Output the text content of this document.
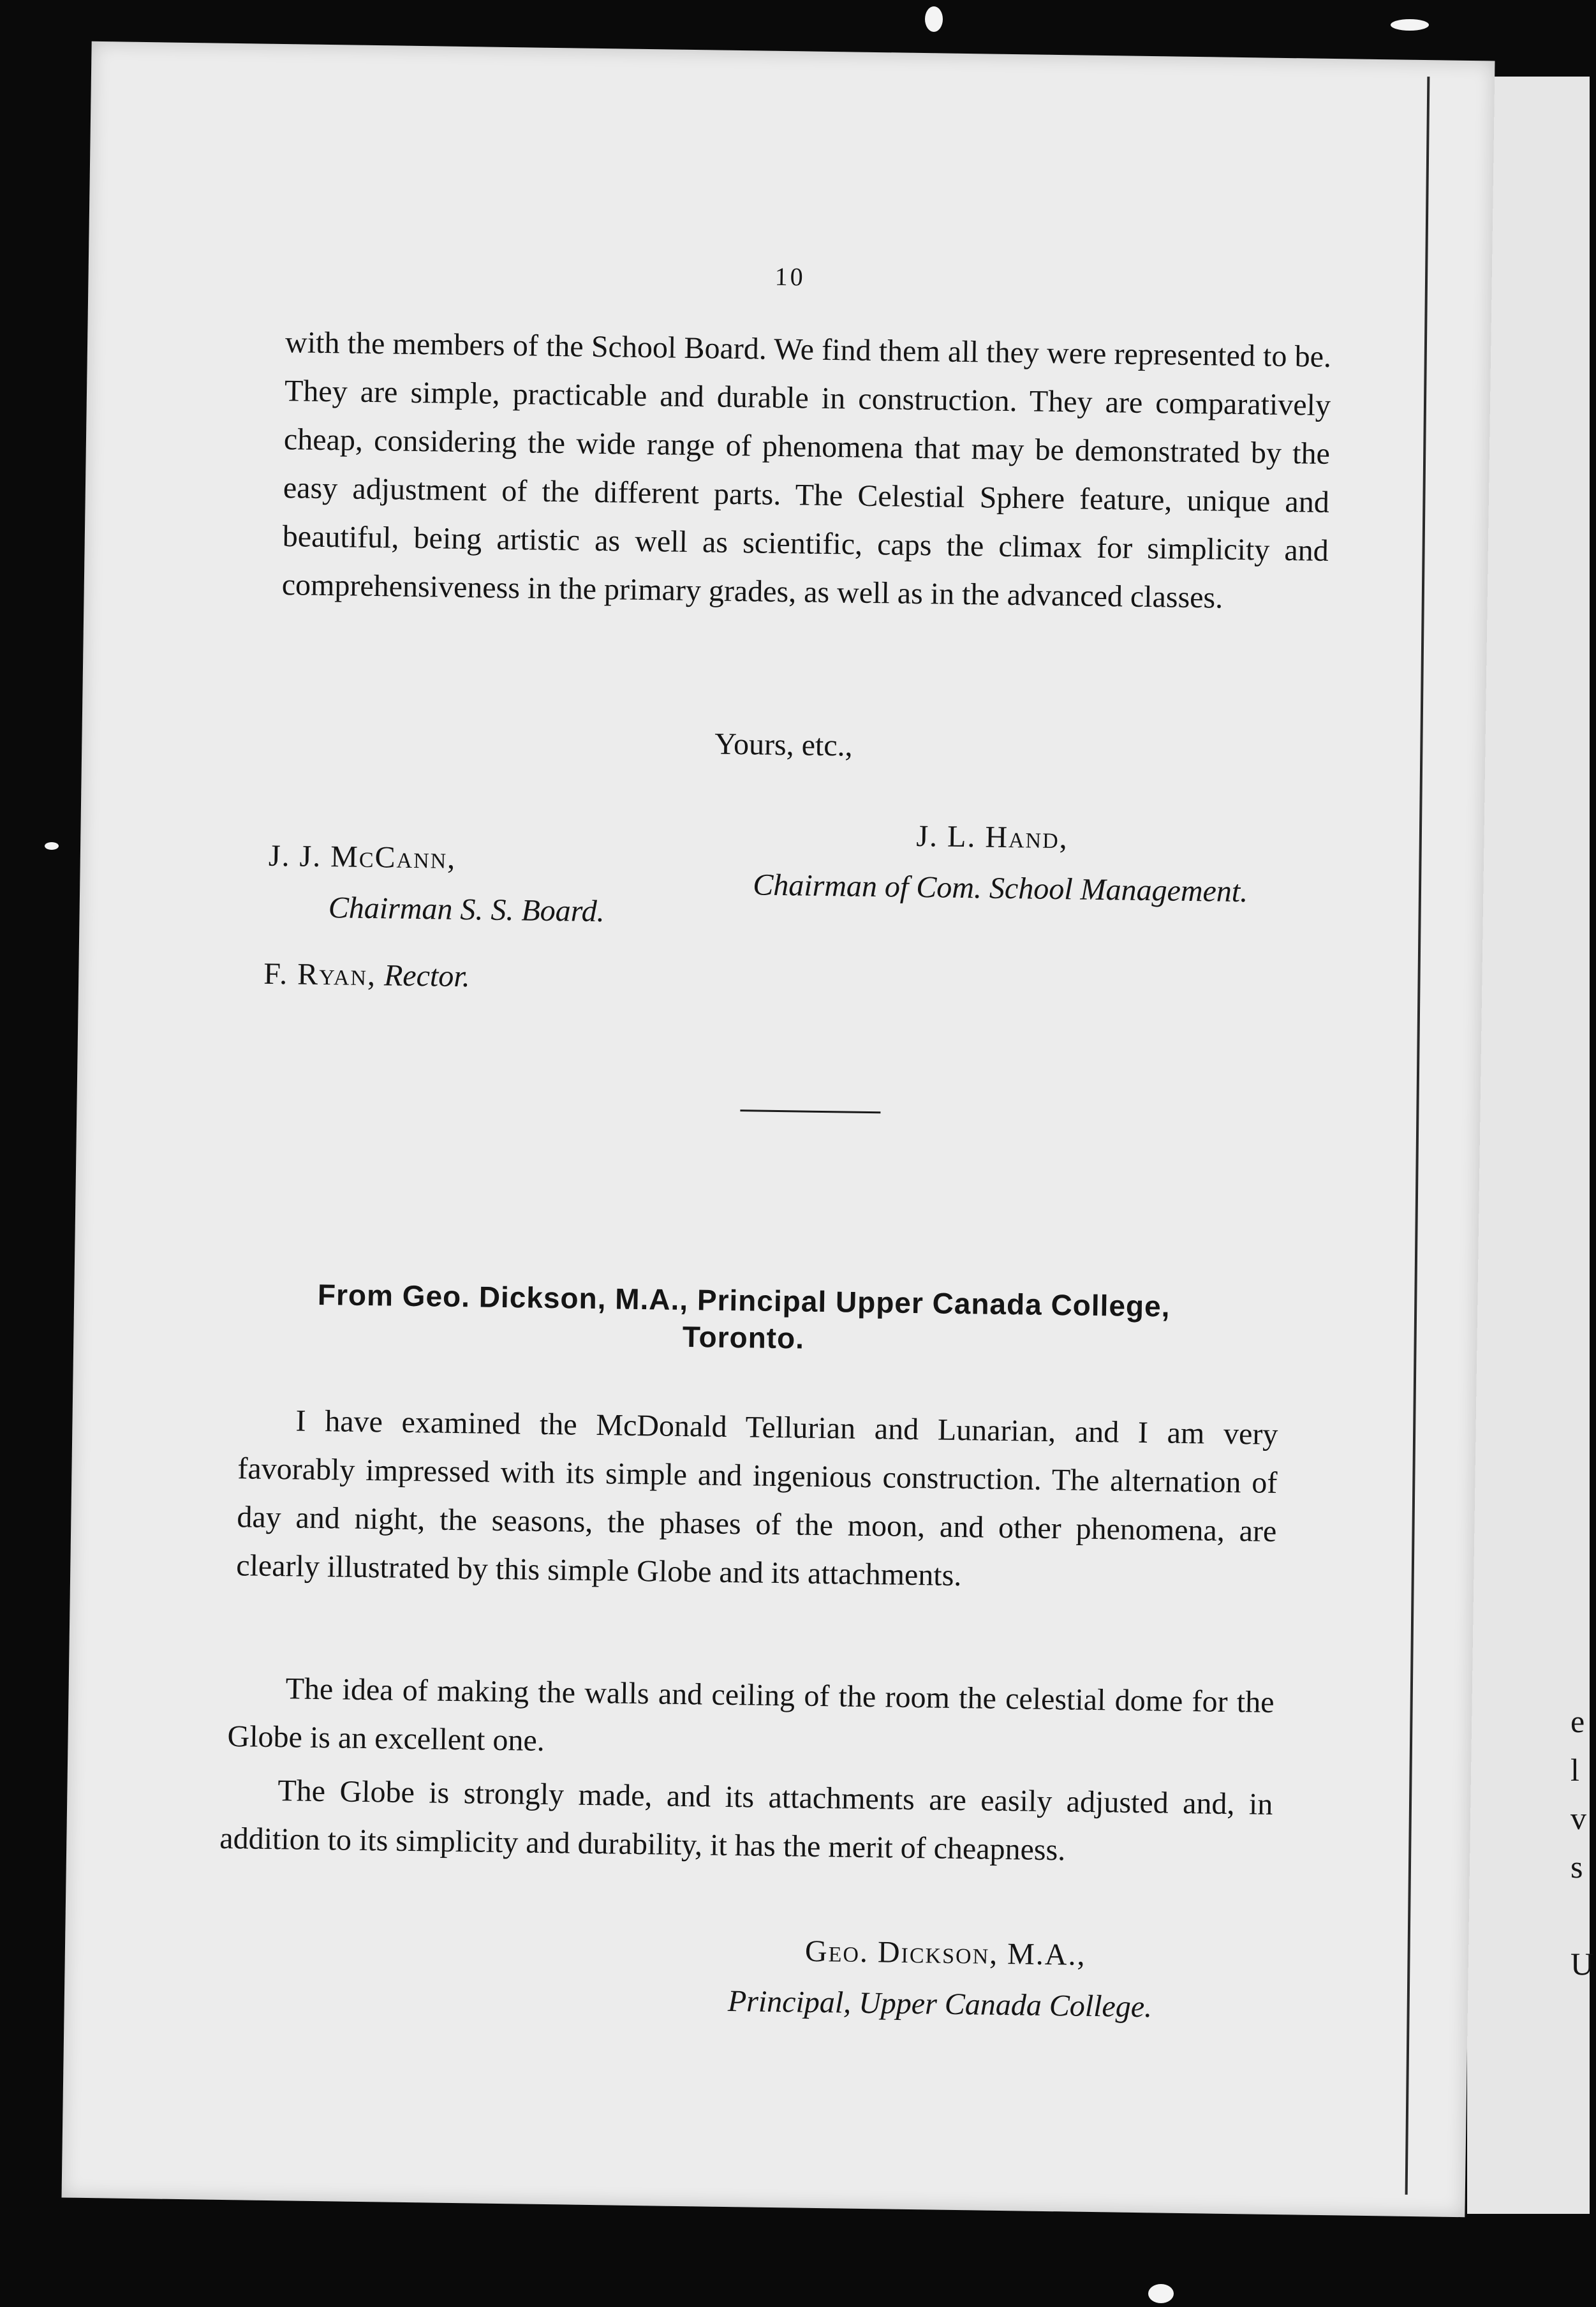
e
l
v
s
U
10
with the members of the School Board. We find them all they were represented to be. They are simple, practicable and durable in construction. They are comparatively cheap, considering the wide range of phenomena that may be demonstrated by the easy adjustment of the different parts. The Celestial Sphere feature, unique and beautiful, being artistic as well as scientific, caps the climax for simplicity and comprehensiveness in the primary grades, as well as in the advanced classes.
Yours, etc.,
J. L. Hand,
Chairman of Com. School Management.
J. J. McCann,
Chairman S. S. Board.
F. Ryan, Rector.
From Geo. Dickson, M.A., Principal Upper Canada College, Toronto.
I have examined the McDonald Tellurian and Lunarian, and I am very favorably impressed with its simple and ingenious construction. The alternation of day and night, the seasons, the phases of the moon, and other phenomena, are clearly illustrated by this simple Globe and its attachments.
The idea of making the walls and ceiling of the room the celestial dome for the Globe is an excellent one.
The Globe is strongly made, and its attachments are easily adjusted and, in addition to its simplicity and durability, it has the merit of cheapness.
Geo. Dickson, M.A.,
Principal, Upper Canada College.
